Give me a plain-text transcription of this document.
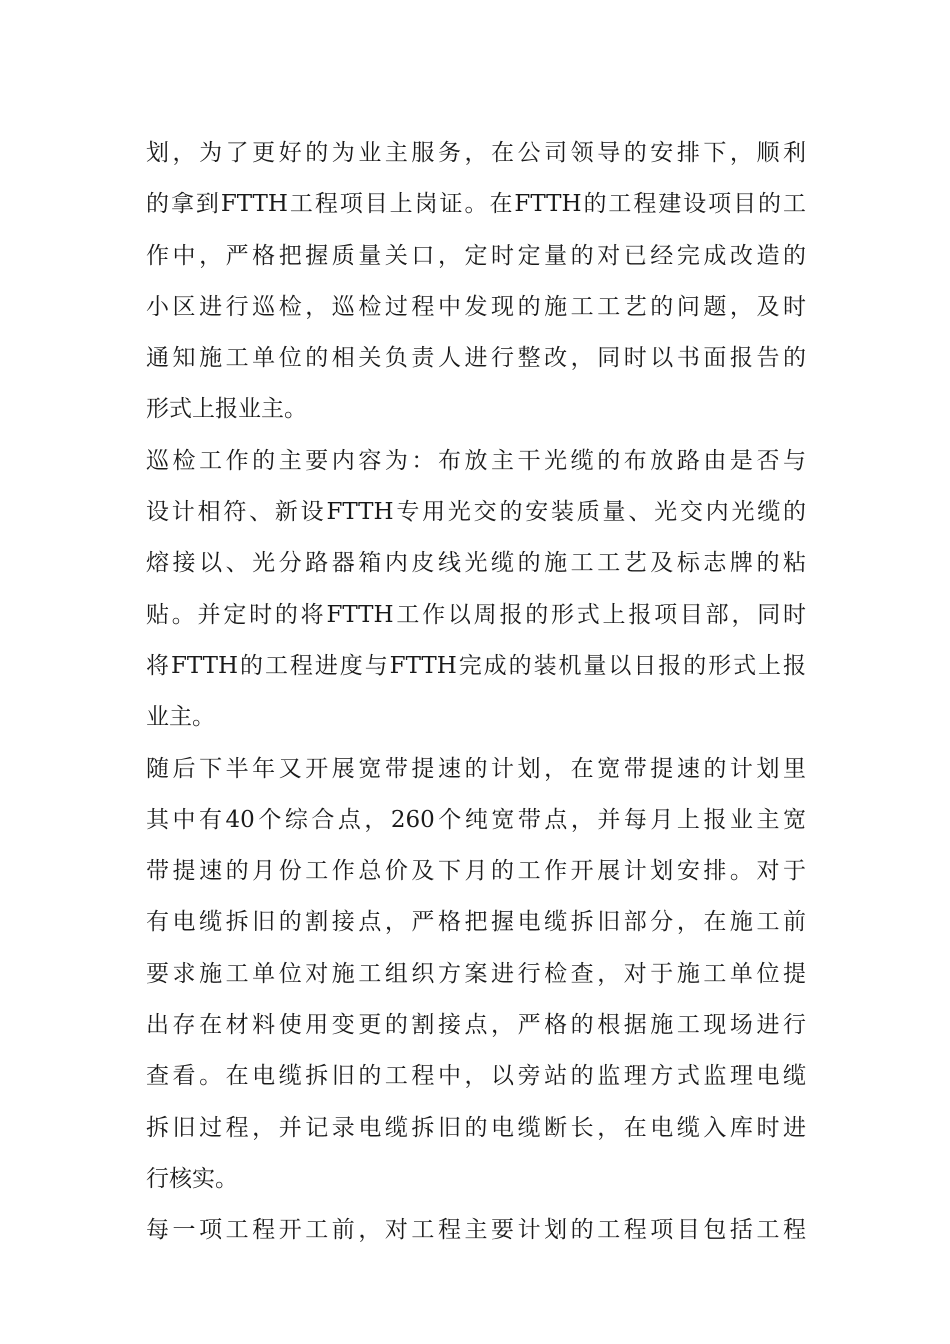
划，为了更好的为业主服务，在公司领导的安排下，顺利
的拿到FTTH工程项目上岗证。在FTTH的工程建设项目的工
作中，严格把握质量关口，定时定量的对已经完成改造的
小区进行巡检，巡检过程中发现的施工工艺的问题，及时
通知施工单位的相关负责人进行整改，同时以书面报告的
形式上报业主。
巡检工作的主要内容为：布放主干光缆的布放路由是否与
设计相符、新设FTTH专用光交的安装质量、光交内光缆的
熔接以、光分路器箱内皮线光缆的施工工艺及标志牌的粘
贴。并定时的将FTTH工作以周报的形式上报项目部，同时
将FTTH的工程进度与FTTH完成的装机量以日报的形式上报
业主。
随后下半年又开展宽带提速的计划，在宽带提速的计划里
其中有40个综合点，260个纯宽带点，并每月上报业主宽
带提速的月份工作总价及下月的工作开展计划安排。对于
有电缆拆旧的割接点，严格把握电缆拆旧部分，在施工前
要求施工单位对施工组织方案进行检查，对于施工单位提
出存在材料使用变更的割接点，严格的根据施工现场进行
查看。在电缆拆旧的工程中，以旁站的监理方式监理电缆
拆旧过程，并记录电缆拆旧的电缆断长，在电缆入库时进
行核实。
每一项工程开工前，对工程主要计划的工程项目包括工程
